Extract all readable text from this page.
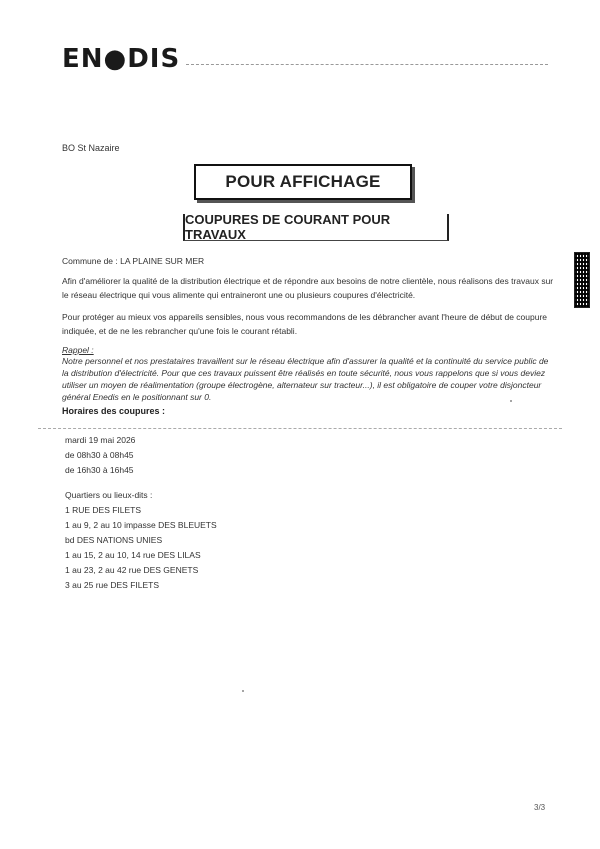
EN●DIS
BO St Nazaire
POUR AFFICHAGE
COUPURES DE COURANT POUR TRAVAUX
Commune de : LA PLAINE SUR MER
Afin d'améliorer la qualité de la distribution électrique et de répondre aux besoins de notre clientèle, nous réalisons des travaux sur le réseau électrique qui vous alimente qui entraineront une ou plusieurs coupures d'électricité.
Pour protéger au mieux vos appareils sensibles, nous vous recommandons de les débrancher avant l'heure de début de coupure indiquée, et de ne les rebrancher qu'une fois le courant rétabli.
Rappel :
Notre personnel et nos prestataires travaillent sur le réseau électrique afin d'assurer la qualité et la continuité du service public de la distribution d'électricité. Pour que ces travaux puissent être réalisés en toute sécurité, nous vous rappelons que si vous deviez utiliser un moyen de réalimentation (groupe électrogène, alternateur sur tracteur...), il est obligatoire de couper votre disjoncteur général Enedis en le positionnant sur 0.
Horaires des coupures :
mardi 19 mai 2026
de 08h30 à 08h45
de 16h30 à 16h45
Quartiers ou lieux-dits :
1 RUE DES FILETS
1 au 9, 2 au 10 impasse DES BLEUETS
bd DES NATIONS UNIES
1 au 15, 2 au 10, 14 rue DES LILAS
1 au 23, 2 au 42 rue DES GENETS
3 au 25 rue DES FILETS
3/3
